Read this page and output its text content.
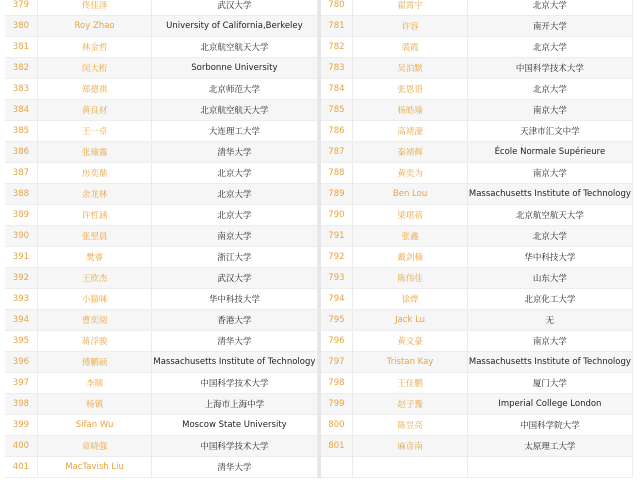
379	佟佳泽	武汉大学	780	翟霄宇	北京大学
380	Roy Zhao	University of California,Berkeley	781	许容	南开大学
381	林金哲	北京航空航天大学	782	裘霞	北京大学
382	闵大桁	Sorbonne University	783	吴泊默	中国科学技术大学
383	郑德祺	北京师范大学	784	张恩语	北京大学
384	黄良材	北京航空航天大学	785	杨皓瑜	南京大学
385	王一卓	大连理工大学	786	高靖濠	天津市汇文中学
386	张瑜露	清华大学	787	秦靖辉	École Normale Supérieure
387	房奕鼎	北京大学	788	黄奕为	南京大学
388	余龙林	北京大学	789	Ben Lou	Massachusetts Institute of Technology
389	许哲涵	北京大学	790	梁珺蓓	北京航空航天大学
390	张翌晨	南京大学	791	张鑫	北京大学
391	樊睿	浙江大学	792	戴剑楠	华中科技大学
392	王欣杰	武汉大学	793	陈伟佳	山东大学
393	小猫咪	华中科技大学	794	徐烨	北京化工大学
394	曹奕阅	香港大学	795	Jack Lu	无
395	蒋浮骏	清华大学	796	黄文豪	南京大学
396	傅鹏硕	Massachusetts Institute of Technology	797	Tristan Kay	Massachusetts Institute of Technology
397	李顺	中国科学技术大学	798	王佳鹏	厦门大学
398	杨镇	上海市上海中学	799	赵子豫	Imperial College London
399	Sifan Wu	Moscow State University	800	陈昱亮	中国科学院大学
400	章晓强	中国科学技术大学	801	麻彦南	太原理工大学
401	MacTavish Liu	清华大学
